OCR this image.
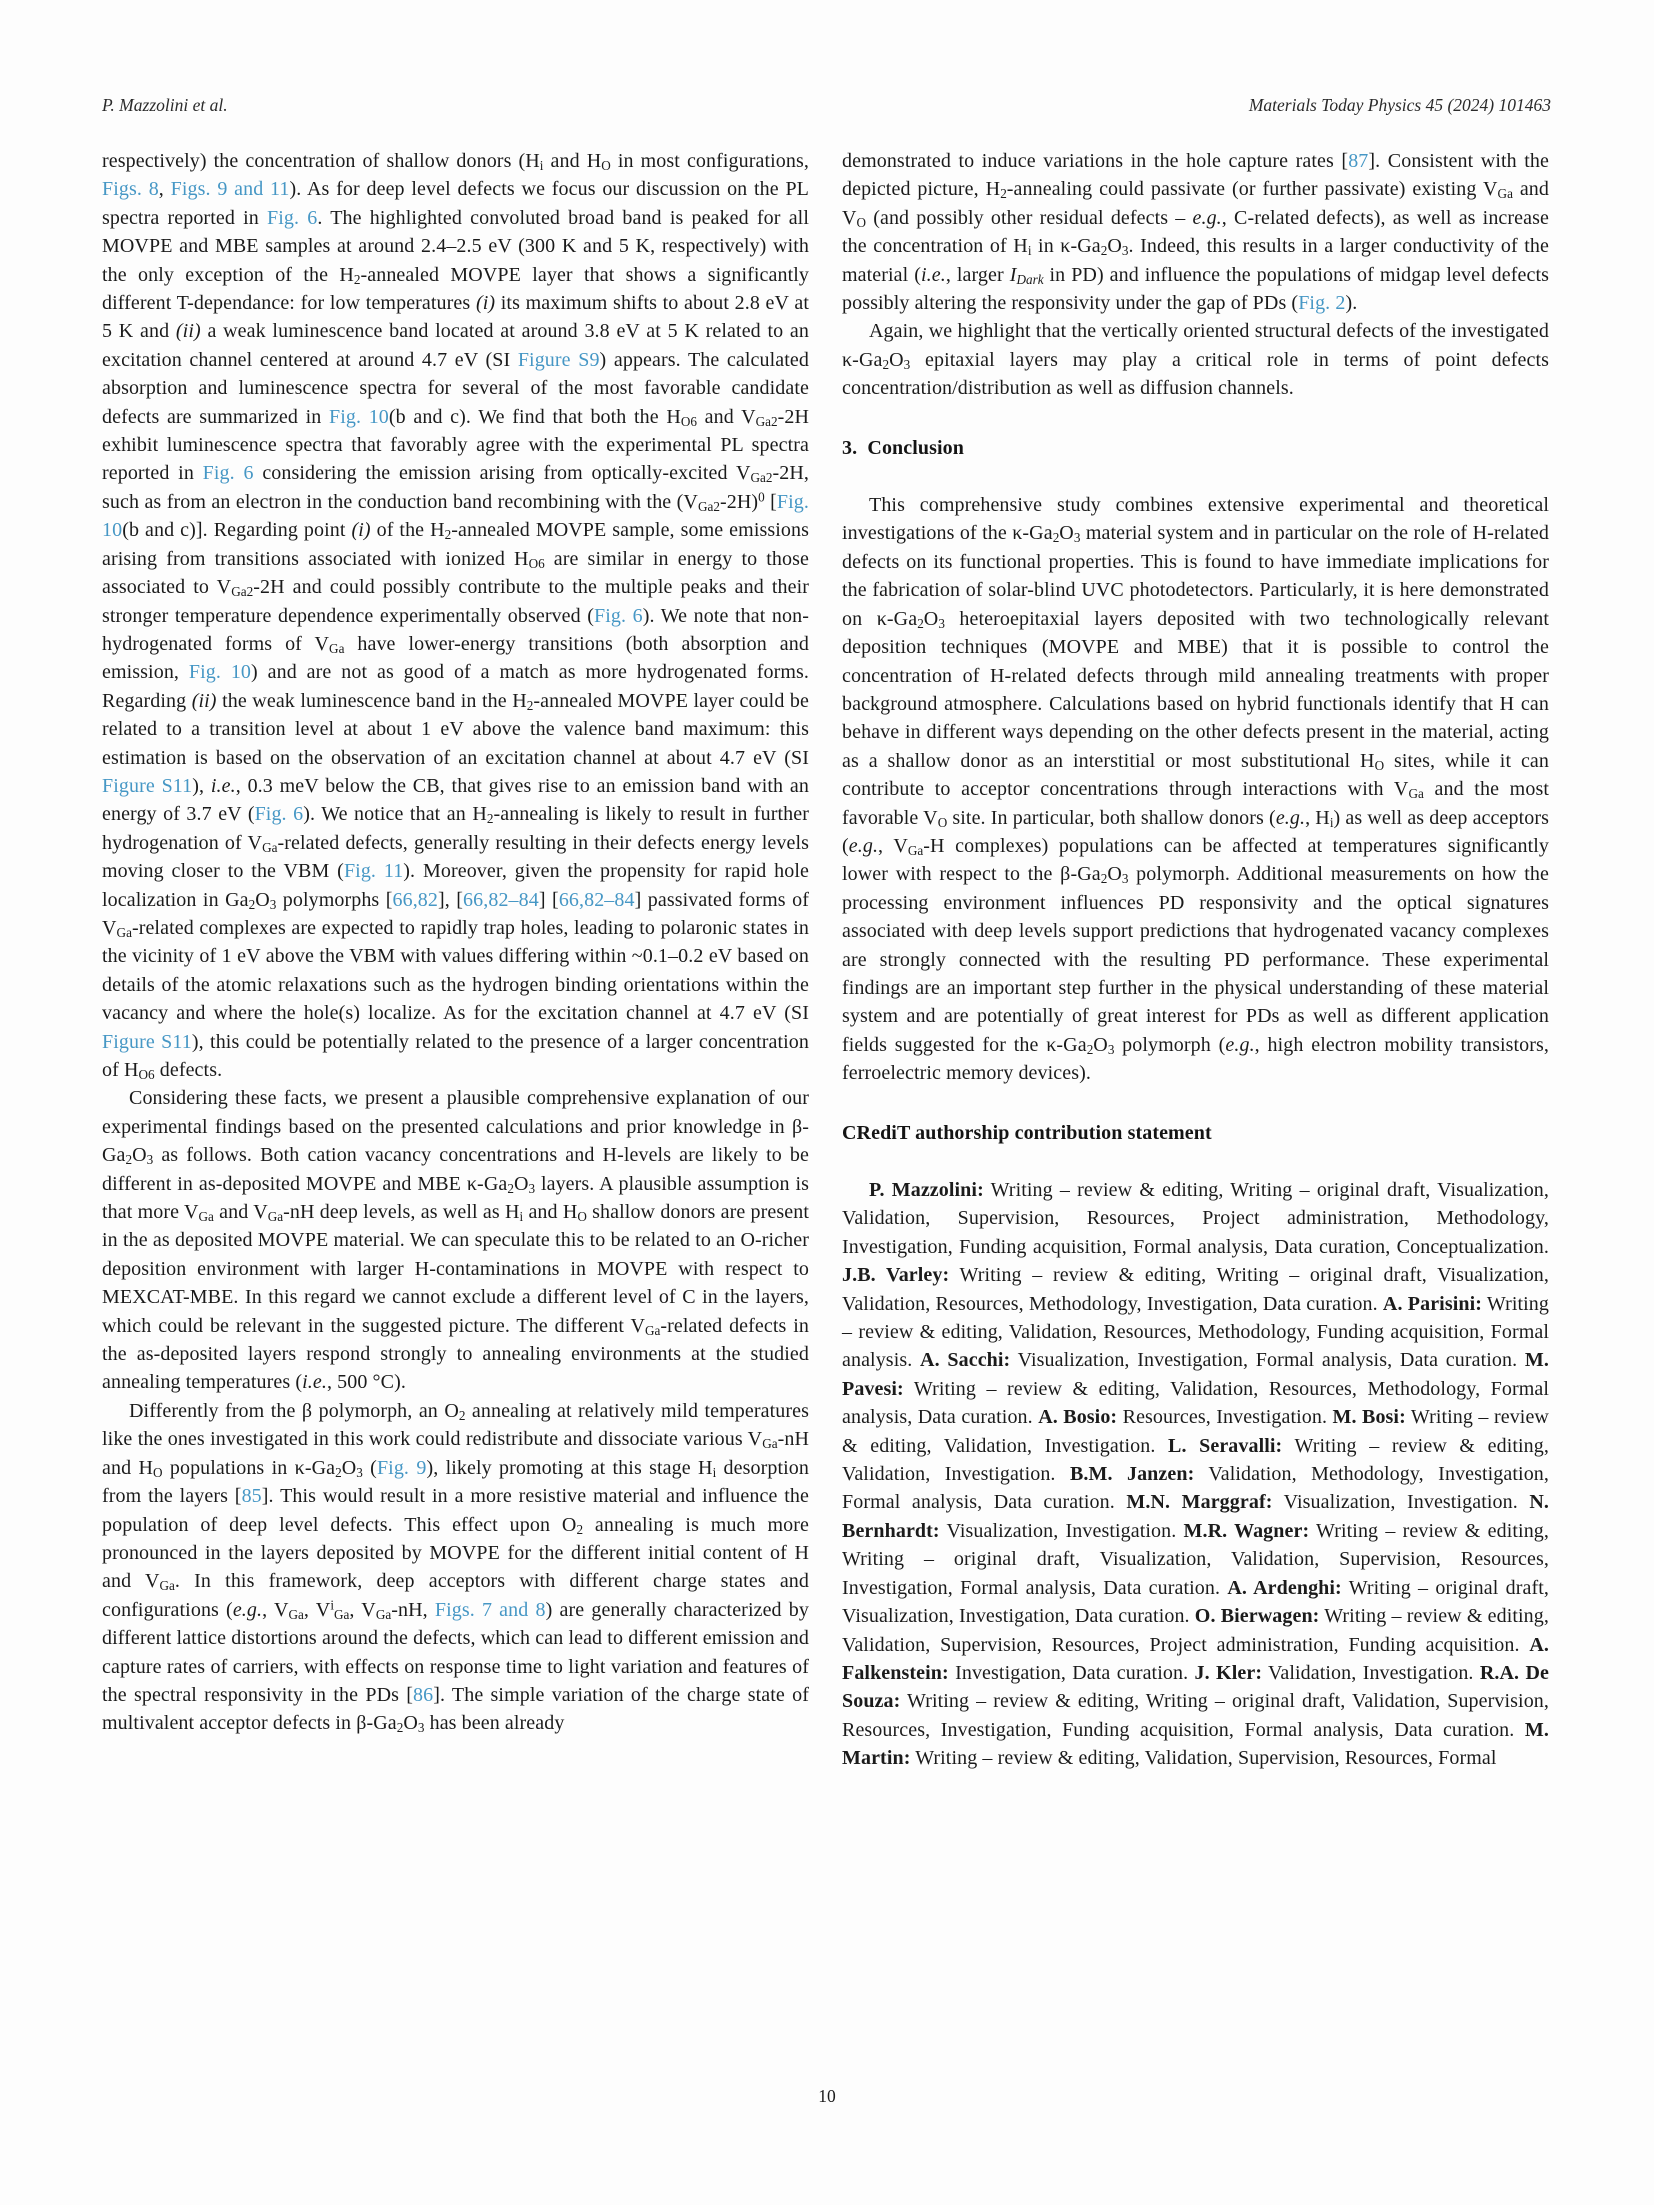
P. Mazzolini et al.	Materials Today Physics 45 (2024) 101463

respectively) the concentration of shallow donors ($H_i$ and $H_O$ in most configurations, Figs. 8, Figs. 9 and 11). As for deep level defects we focus our discussion on the PL spectra reported in Fig. 6. The highlighted convoluted broad band is peaked for all MOVPE and MBE samples at around 2.4–2.5 eV (300 K and 5 K, respectively) with the only exception of the $H_2$-annealed MOVPE layer that shows a significantly different T-dependance: for low temperatures (i) its maximum shifts to about 2.8 eV at 5 K and (ii) a weak luminescence band located at around 3.8 eV at 5 K related to an excitation channel centered at around 4.7 eV (SI Figure S9) appears. The calculated absorption and luminescence spectra for several of the most favorable candidate defects are summarized in Fig. 10(b and c). We find that both the $H_{O6}$ and $V_{Ga2}-2H$ exhibit luminescence spectra that favorably agree with the experimental PL spectra reported in Fig. 6 considering the emission arising from optically-excited $V_{Ga2}-2H$, such as from an electron in the conduction band recombining with the $(V_{Ga2}-2H)^0$ [Fig. 10(b and c)]. Regarding point (i) of the $H_2$-annealed MOVPE sample, some emissions arising from transitions associated with ionized $H_{O6}$ are similar in energy to those associated to $V_{Ga2}-2H$ and could possibly contribute to the multiple peaks and their stronger temperature dependence experimentally observed (Fig. 6). We note that non-hydrogenated forms of $V_{Ga}$ have lower-energy transitions (both absorption and emission, Fig. 10) and are not as good of a match as more hydrogenated forms. Regarding (ii) the weak luminescence band in the $H_2$-annealed MOVPE layer could be related to a transition level at about 1 eV above the valence band maximum: this estimation is based on the observation of an excitation channel at about 4.7 eV (SI Figure S11), i.e., 0.3 meV below the CB, that gives rise to an emission band with an energy of 3.7 eV (Fig. 6). We notice that an $H_2$-annealing is likely to result in further hydrogenation of $V_{Ga}$-related defects, generally resulting in their defects energy levels moving closer to the VBM (Fig. 11). Moreover, given the propensity for rapid hole localization in $Ga_2O_3$ polymorphs [66,82], [66,82–84] [66,82–84] passivated forms of $V_{Ga}$-related complexes are expected to rapidly trap holes, leading to polaronic states in the vicinity of 1 eV above the VBM with values differing within ~0.1–0.2 eV based on details of the atomic relaxations such as the hydrogen binding orientations within the vacancy and where the hole(s) localize. As for the excitation channel at 4.7 eV (SI Figure S11), this could be potentially related to the presence of a larger concentration of $H_{O6}$ defects.

Considering these facts, we present a plausible comprehensive explanation of our experimental findings based on the presented calculations and prior knowledge in $\beta-Ga_2O_3$ as follows. Both cation vacancy concentrations and H-levels are likely to be different in as-deposited MOVPE and MBE $\kappa-Ga_2O_3$ layers. A plausible assumption is that more $V_{Ga}$ and $V_{Ga}-nH$ deep levels, as well as $H_i$ and $H_O$ shallow donors are present in the as deposited MOVPE material. We can speculate this to be related to an O-richer deposition environment with larger H-contaminations in MOVPE with respect to MEXCAT-MBE. In this regard we cannot exclude a different level of C in the layers, which could be relevant in the suggested picture. The different $V_{Ga}$-related defects in the as-deposited layers respond strongly to annealing environments at the studied annealing temperatures (i.e., 500 °C).

Differently from the β polymorph, an $O_2$ annealing at relatively mild temperatures like the ones investigated in this work could redistribute and dissociate various $V_{Ga}-nH$ and $H_O$ populations in $\kappa-Ga_2O_3$ (Fig. 9), likely promoting at this stage $H_i$ desorption from the layers [85]. This would result in a more resistive material and influence the population of deep level defects. This effect upon $O_2$ annealing is much more pronounced in the layers deposited by MOVPE for the different initial content of H and $V_{Ga}$. In this framework, deep acceptors with different charge states and configurations (e.g., $V_{Ga}$, $V^i_{Ga}$, $V_{Ga}-nH$, Figs. 7 and 8) are generally characterized by different lattice distortions around the defects, which can lead to different emission and capture rates of carriers, with effects on response time to light variation and features of the spectral responsivity in the PDs [86]. The simple variation of the charge state of multivalent acceptor defects in $\beta-Ga_2O_3$ has been already

demonstrated to induce variations in the hole capture rates [87]. Consistent with the depicted picture, $H_2$-annealing could passivate (or further passivate) existing $V_{Ga}$ and $V_O$ (and possibly other residual defects – e.g., C-related defects), as well as increase the concentration of $H_i$ in $\kappa-Ga_2O_3$. Indeed, this results in a larger conductivity of the material (i.e., larger $I_{Dark}$ in PD) and influence the populations of midgap level defects possibly altering the responsivity under the gap of PDs (Fig. 2).

Again, we highlight that the vertically oriented structural defects of the investigated $\kappa-Ga_2O_3$ epitaxial layers may play a critical role in terms of point defects concentration/distribution as well as diffusion channels.

3.  Conclusion

This comprehensive study combines extensive experimental and theoretical investigations of the $\kappa-Ga_2O_3$ material system and in particular on the role of H-related defects on its functional properties. This is found to have immediate implications for the fabrication of solar-blind UVC photodetectors. Particularly, it is here demonstrated on $\kappa-Ga_2O_3$ heteroepitaxial layers deposited with two technologically relevant deposition techniques (MOVPE and MBE) that it is possible to control the concentration of H-related defects through mild annealing treatments with proper background atmosphere. Calculations based on hybrid functionals identify that H can behave in different ways depending on the other defects present in the material, acting as a shallow donor as an interstitial or most substitutional $H_O$ sites, while it can contribute to acceptor concentrations through interactions with $V_{Ga}$ and the most favorable $V_O$ site. In particular, both shallow donors (e.g., $H_i$) as well as deep acceptors (e.g., $V_{Ga}-H$ complexes) populations can be affected at temperatures significantly lower with respect to the $\beta-Ga_2O_3$ polymorph. Additional measurements on how the processing environment influences PD responsivity and the optical signatures associated with deep levels support predictions that hydrogenated vacancy complexes are strongly connected with the resulting PD performance. These experimental findings are an important step further in the physical understanding of these material system and are potentially of great interest for PDs as well as different application fields suggested for the $\kappa-Ga_2O_3$ polymorph (e.g., high electron mobility transistors, ferroelectric memory devices).

CRediT authorship contribution statement

P. Mazzolini: Writing – review & editing, Writing – original draft, Visualization, Validation, Supervision, Resources, Project administration, Methodology, Investigation, Funding acquisition, Formal analysis, Data curation, Conceptualization. J.B. Varley: Writing – review & editing, Writing – original draft, Visualization, Validation, Resources, Methodology, Investigation, Data curation. A. Parisini: Writing – review & editing, Validation, Resources, Methodology, Funding acquisition, Formal analysis. A. Sacchi: Visualization, Investigation, Formal analysis, Data curation. M. Pavesi: Writing – review & editing, Validation, Resources, Methodology, Formal analysis, Data curation. A. Bosio: Resources, Investigation. M. Bosi: Writing – review & editing, Validation, Investigation. L. Seravalli: Writing – review & editing, Validation, Investigation. B.M. Janzen: Validation, Methodology, Investigation, Formal analysis, Data curation. M.N. Marggraf: Visualization, Investigation. N. Bernhardt: Visualization, Investigation. M.R. Wagner: Writing – review & editing, Writing – original draft, Visualization, Validation, Supervision, Resources, Investigation, Formal analysis, Data curation. A. Ardenghi: Writing – original draft, Visualization, Investigation, Data curation. O. Bierwagen: Writing – review & editing, Validation, Supervision, Resources, Project administration, Funding acquisition. A. Falkenstein: Investigation, Data curation. J. Kler: Validation, Investigation. R.A. De Souza: Writing – review & editing, Writing – original draft, Validation, Supervision, Resources, Investigation, Funding acquisition, Formal analysis, Data curation. M. Martin: Writing – review & editing, Validation, Supervision, Resources, Formal

10
